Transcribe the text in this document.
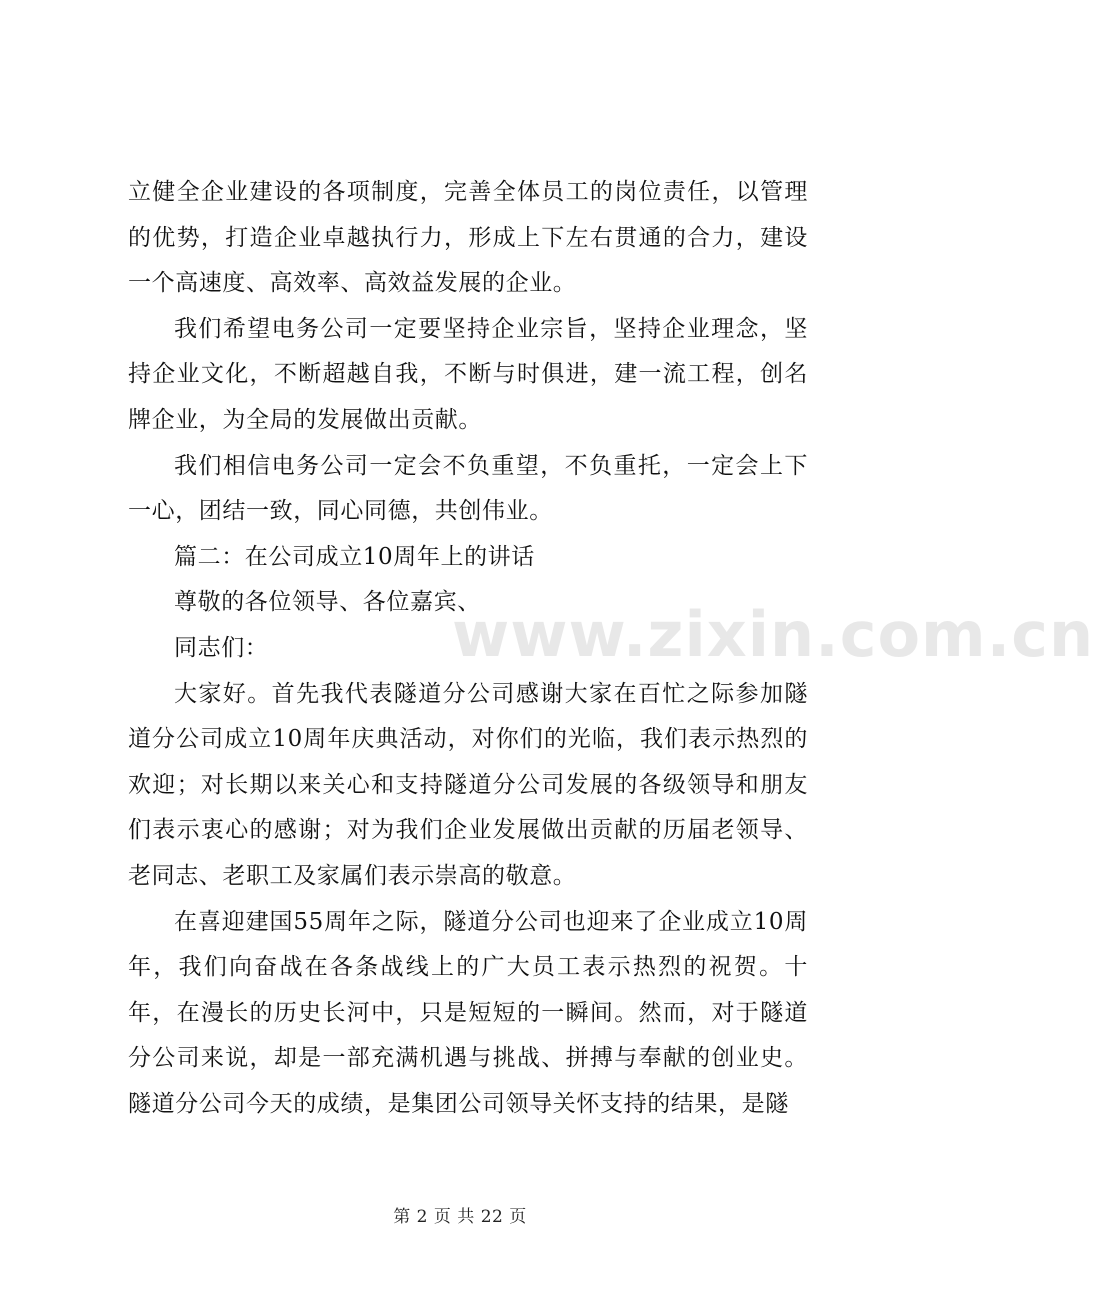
立健全企业建设的各项制度，完善全体员工的岗位责任，以管理的优势，打造企业卓越执行力，形成上下左右贯通的合力，建设一个高速度、高效率、高效益发展的企业。

我们希望电务公司一定要坚持企业宗旨，坚持企业理念，坚持企业文化，不断超越自我，不断与时俱进，建一流工程，创名牌企业，为全局的发展做出贡献。

我们相信电务公司一定会不负重望，不负重托，一定会上下一心，团结一致，同心同德，共创伟业。

篇二：在公司成立10周年上的讲话

尊敬的各位领导、各位嘉宾、

同志们：

大家好。首先我代表隧道分公司感谢大家在百忙之际参加隧道分公司成立10周年庆典活动，对你们的光临，我们表示热烈的欢迎；对长期以来关心和支持隧道分公司发展的各级领导和朋友们表示衷心的感谢；对为我们企业发展做出贡献的历届老领导、老同志、老职工及家属们表示崇高的敬意。

在喜迎建国55周年之际，隧道分公司也迎来了企业成立10周年，我们向奋战在各条战线上的广大员工表示热烈的祝贺。十年，在漫长的历史长河中，只是短短的一瞬间。然而，对于隧道分公司来说，却是一部充满机遇与挑战、拼搏与奉献的创业史。隧道分公司今天的成绩，是集团公司领导关怀支持的结果，是隧

www.zixin.com.cn
第 2 页 共 22 页
